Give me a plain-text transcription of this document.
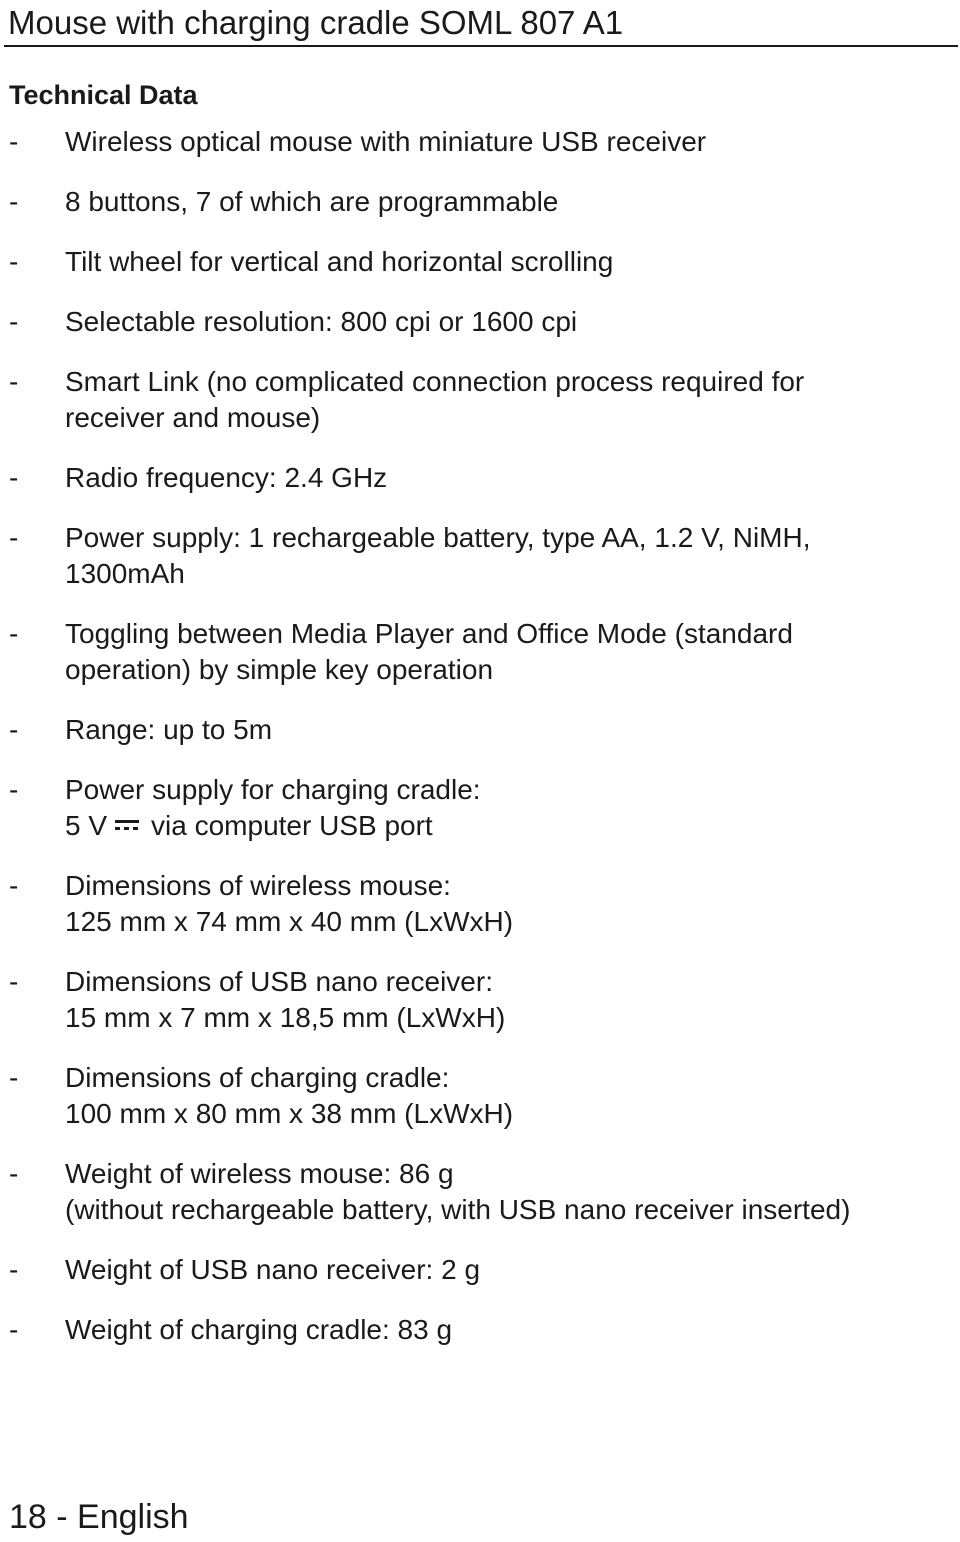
Mouse with charging cradle SOML 807 A1
Technical Data
- Wireless optical mouse with miniature USB receiver
- 8 buttons, 7 of which are programmable
- Tilt wheel for vertical and horizontal scrolling
- Selectable resolution: 800 cpi or 1600 cpi
- Smart Link (no complicated connection process required for
receiver and mouse)
- Radio frequency: 2.4 GHz
- Power supply: 1 rechargeable battery, type AA, 1.2 V, NiMH,
1300mAh
- Toggling between Media Player and Office Mode (standard
operation) by simple key operation
- Range: up to 5m
- Power supply for charging cradle:
5 V via computer USB port
- Dimensions of wireless mouse:
125 mm x 74 mm x 40 mm (LxWxH)
- Dimensions of USB nano receiver:
15 mm x 7 mm x 18,5 mm (LxWxH)
- Dimensions of charging cradle:
100 mm x 80 mm x 38 mm (LxWxH)
- Weight of wireless mouse: 86 g
(without rechargeable battery, with USB nano receiver inserted)
- Weight of USB nano receiver: 2 g
- Weight of charging cradle: 83 g
18 - English
